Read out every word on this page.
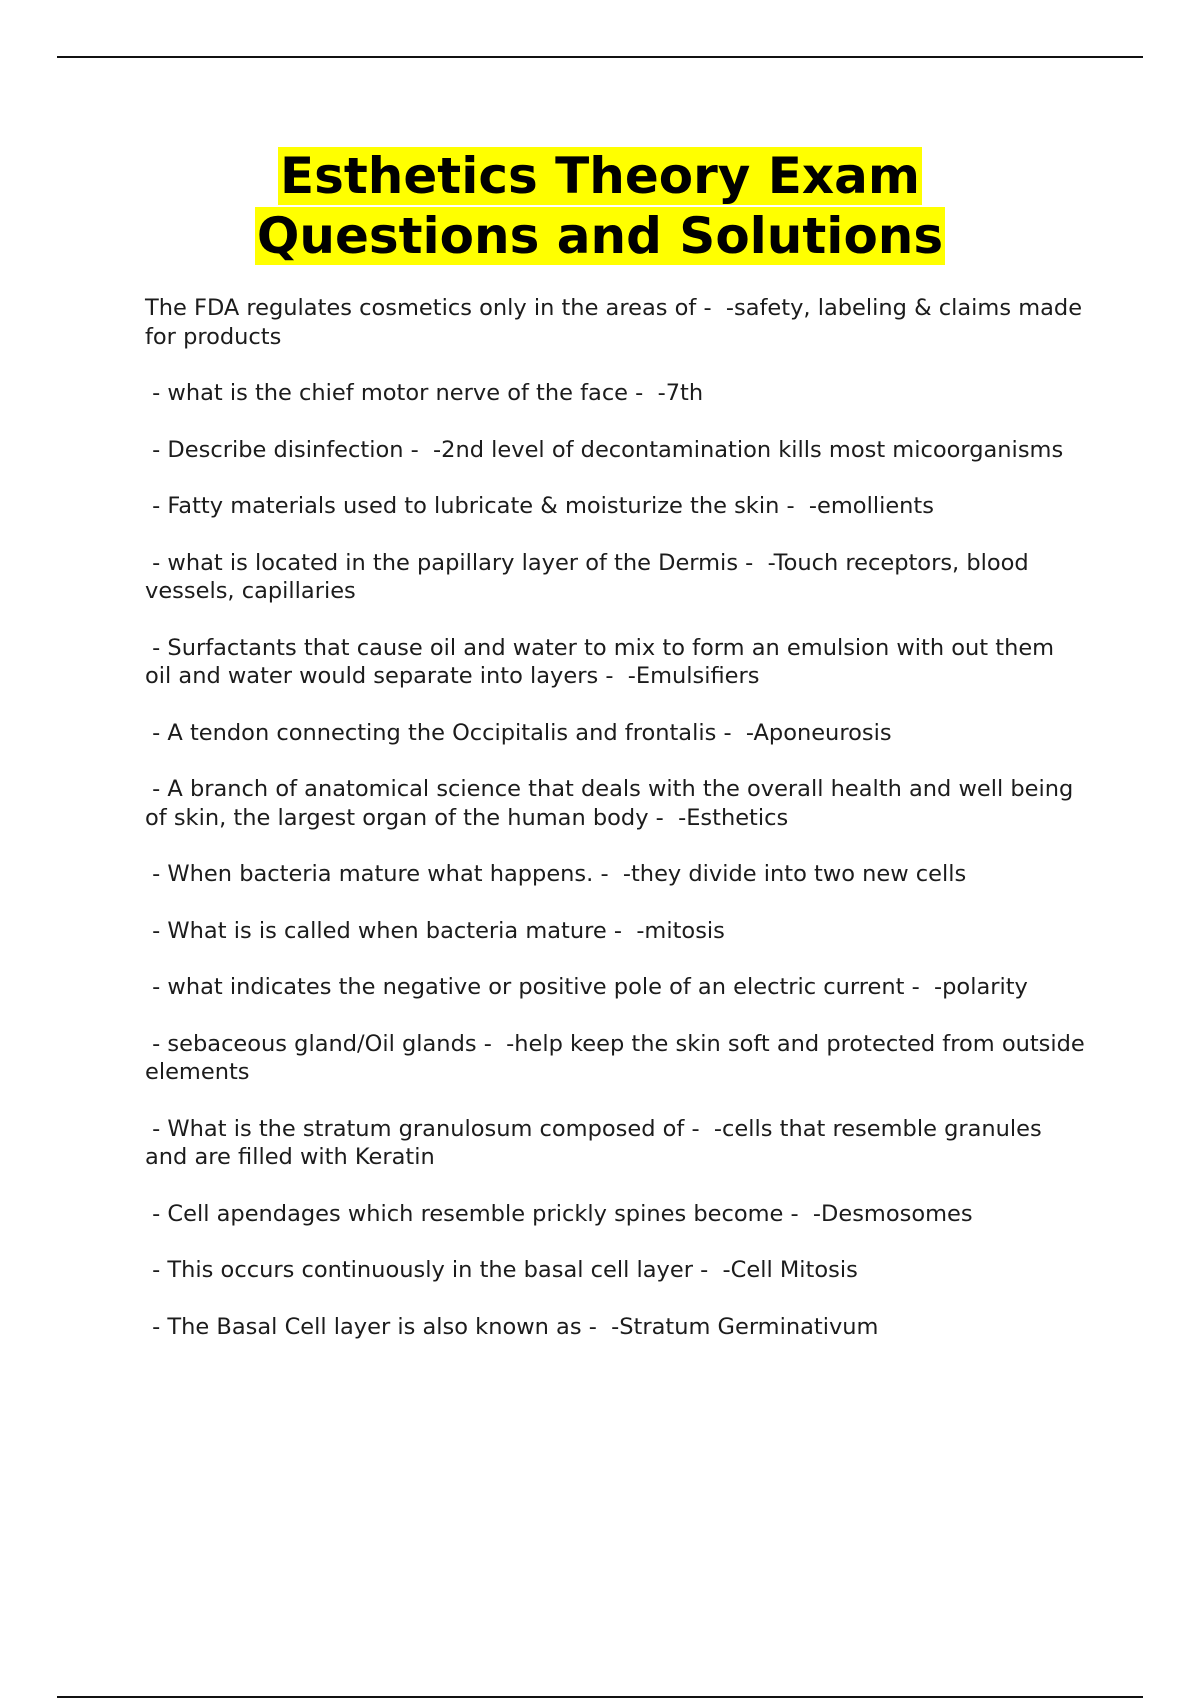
Esthetics Theory Exam
Questions and Solutions
The FDA regulates cosmetics only in the areas of -  -safety, labeling & claims made for products
- what is the chief motor nerve of the face -  -7th
- Describe disinfection -  -2nd level of decontamination kills most micoorganisms
- Fatty materials used to lubricate & moisturize the skin -  -emollients
- what is located in the papillary layer of the Dermis -  -Touch receptors, blood vessels, capillaries
- Surfactants that cause oil and water to mix to form an emulsion with out them oil and water would separate into layers -  -Emulsifiers
- A tendon connecting the Occipitalis and frontalis -  -Aponeurosis
- A branch of anatomical science that deals with the overall health and well being of skin, the largest organ of the human body -  -Esthetics
- When bacteria mature what happens. -  -they divide into two new cells
- What is is called when bacteria mature -  -mitosis
- what indicates the negative or positive pole of an electric current -  -polarity
- sebaceous gland/Oil glands -  -help keep the skin soft and protected from outside elements
- What is the stratum granulosum composed of -  -cells that resemble granules and are filled with Keratin
- Cell apendages which resemble prickly spines become -  -Desmosomes
- This occurs continuously in the basal cell layer -  -Cell Mitosis
- The Basal Cell layer is also known as -  -Stratum Germinativum
